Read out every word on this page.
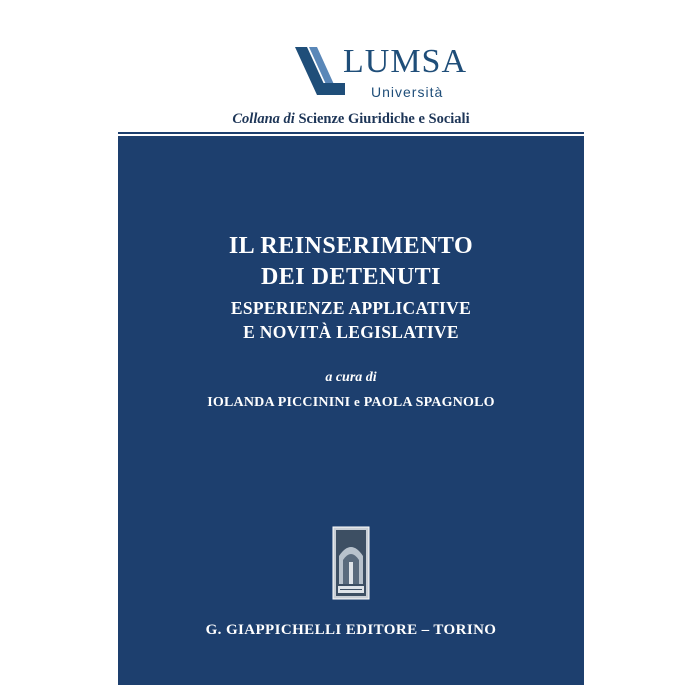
LUMSA
Università
Collana di Scienze Giuridiche e Sociali
IL REINSERIMENTO
DEI DETENUTI
ESPERIENZE APPLICATIVE
E NOVITÀ LEGISLATIVE
a cura di
IOLANDA PICCININI e PAOLA SPAGNOLO
G. GIAPPICHELLI EDITORE – TORINO
